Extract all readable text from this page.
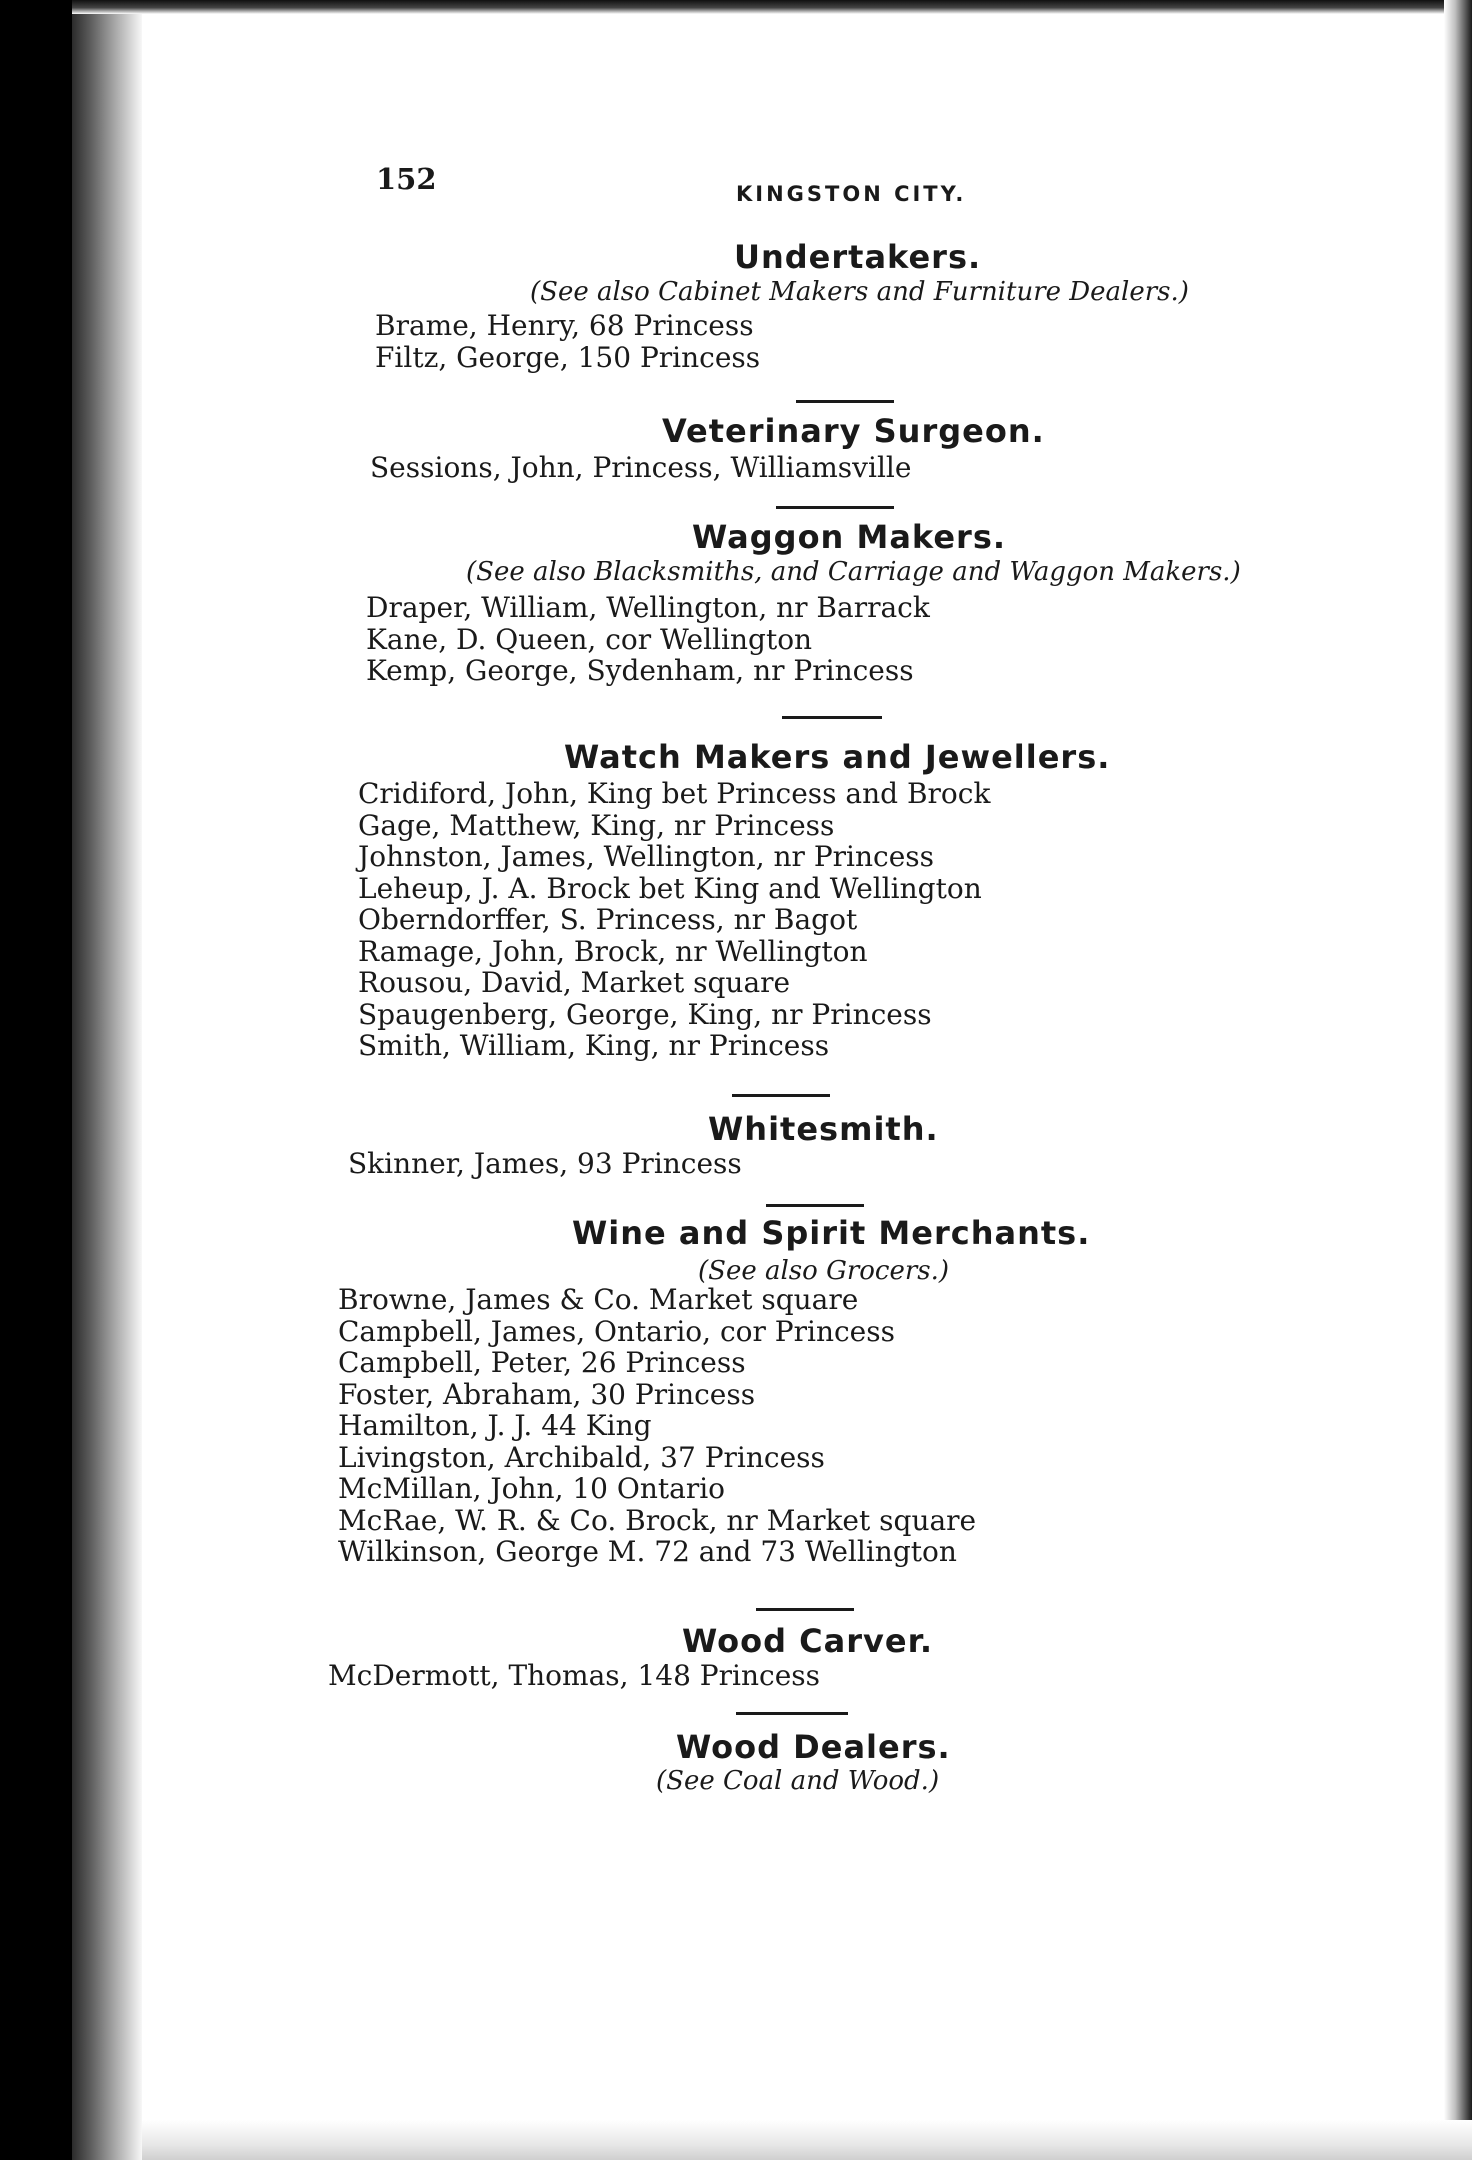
152	KINGSTON CITY.
Undertakers.
(See also Cabinet Makers and Furniture Dealers.)
Brame, Henry, 68 Princess
Filtz, George, 150 Princess
Veterinary Surgeon.
Sessions, John, Princess, Williamsville
Waggon Makers.
(See also Blacksmiths, and Carriage and Waggon Makers.)
Draper, William, Wellington, nr Barrack
Kane, D. Queen, cor Wellington
Kemp, George, Sydenham, nr Princess
Watch Makers and Jewellers.
Cridiford, John, King bet Princess and Brock
Gage, Matthew, King, nr Princess
Johnston, James, Wellington, nr Princess
Leheup, J. A. Brock bet King and Wellington
Oberndorffer, S. Princess, nr Bagot
Ramage, John, Brock, nr Wellington
Rousou, David, Market square
Spaugenberg, George, King, nr Princess
Smith, William, King, nr Princess
Whitesmith.
Skinner, James, 93 Princess
Wine and Spirit Merchants.
(See also Grocers.)
Browne, James & Co. Market square
Campbell, James, Ontario, cor Princess
Campbell, Peter, 26 Princess
Foster, Abraham, 30 Princess
Hamilton, J. J. 44 King
Livingston, Archibald, 37 Princess
McMillan, John, 10 Ontario
McRae, W. R. & Co. Brock, nr Market square
Wilkinson, George M. 72 and 73 Wellington
Wood Carver.
McDermott, Thomas, 148 Princess
Wood Dealers.
(See Coal and Wood.)
